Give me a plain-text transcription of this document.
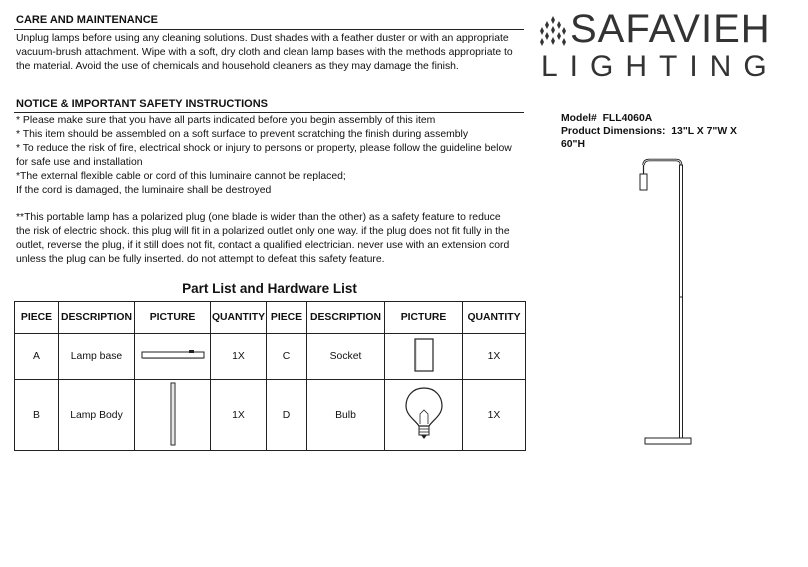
CARE AND MAINTENANCE
Unplug lamps before using any cleaning solutions. Dust shades with a feather duster or with an appropriate
vacuum-brush attachment. Wipe with a soft, dry cloth and clean lamp bases with the methods appropriate to
the material. Avoid the use of chemicals and household cleaners as they may damage the finish.
NOTICE & IMPORTANT SAFETY INSTRUCTIONS
* Please make sure that you have all parts indicated before you begin assembly of this item
* This item should be assembled on a soft surface to prevent scratching the finish during assembly
* To reduce the risk of fire, electrical shock or injury to persons or property, please follow the guideline below
for safe use and installation
*The external flexible cable or cord of this luminaire cannot be replaced;
If the cord is damaged, the luminaire shall be destroyed
**This portable lamp has a polarized plug (one blade is wider than the other) as a safety feature to reduce
the risk of electric shock. this plug will fit in a polarized outlet only one way. if the plug does not fit fully in the
outlet, reverse the plug, if it still does not fit, contact a qualified electrician. never use with an extension cord
unless the plug can be fully inserted. do not attempt to defeat this safety feature.
Part List and Hardware List
PIECE	DESCRIPTION	PICTURE	QUANTITY	PIECE	DESCRIPTION	PICTURE	QUANTITY
A	Lamp base		1X	C	Socket		1X
B	Lamp Body		1X	D	Bulb		1X
SAFAVIEH
LIGHTING
Model# FLL4060A
Product Dimensions: 13"L X 7"W X
60"H
